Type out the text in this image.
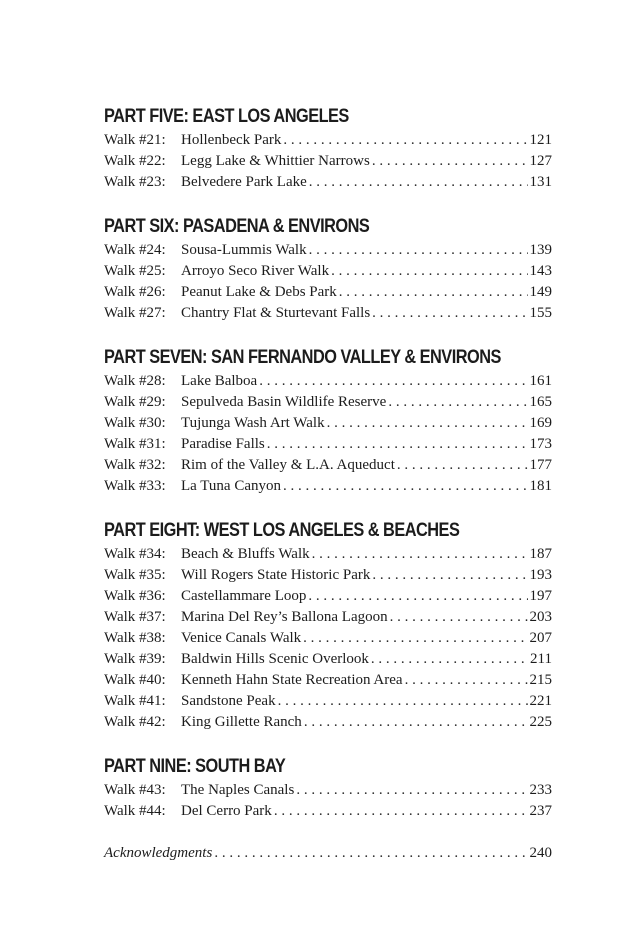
PART FIVE: EAST LOS ANGELES
Walk #21:	Hollenbeck Park . . .	121
Walk #22:	Legg Lake & Whittier Narrows . . .	127
Walk #23:	Belvedere Park Lake . . .	131
PART SIX: PASADENA & ENVIRONS
Walk #24:	Sousa-Lummis Walk . . .	139
Walk #25:	Arroyo Seco River Walk . . .	143
Walk #26:	Peanut Lake & Debs Park . . .	149
Walk #27:	Chantry Flat & Sturtevant Falls . . .	155
PART SEVEN: SAN FERNANDO VALLEY & ENVIRONS
Walk #28:	Lake Balboa . . .	161
Walk #29:	Sepulveda Basin Wildlife Reserve . . .	165
Walk #30:	Tujunga Wash Art Walk . . .	169
Walk #31:	Paradise Falls . . .	173
Walk #32:	Rim of the Valley & L.A. Aqueduct . . .	177
Walk #33:	La Tuna Canyon . . .	181
PART EIGHT: WEST LOS ANGELES & BEACHES
Walk #34:	Beach & Bluffs Walk . . .	187
Walk #35:	Will Rogers State Historic Park . . .	193
Walk #36:	Castellammare Loop . . .	197
Walk #37:	Marina Del Rey’s Ballona Lagoon . . .	203
Walk #38:	Venice Canals Walk . . .	207
Walk #39:	Baldwin Hills Scenic Overlook . . .	211
Walk #40:	Kenneth Hahn State Recreation Area . . .	215
Walk #41:	Sandstone Peak . . .	221
Walk #42:	King Gillette Ranch . . .	225
PART NINE: SOUTH BAY
Walk #43:	The Naples Canals . . .	233
Walk #44:	Del Cerro Park . . .	237
Acknowledgments . . .	240
